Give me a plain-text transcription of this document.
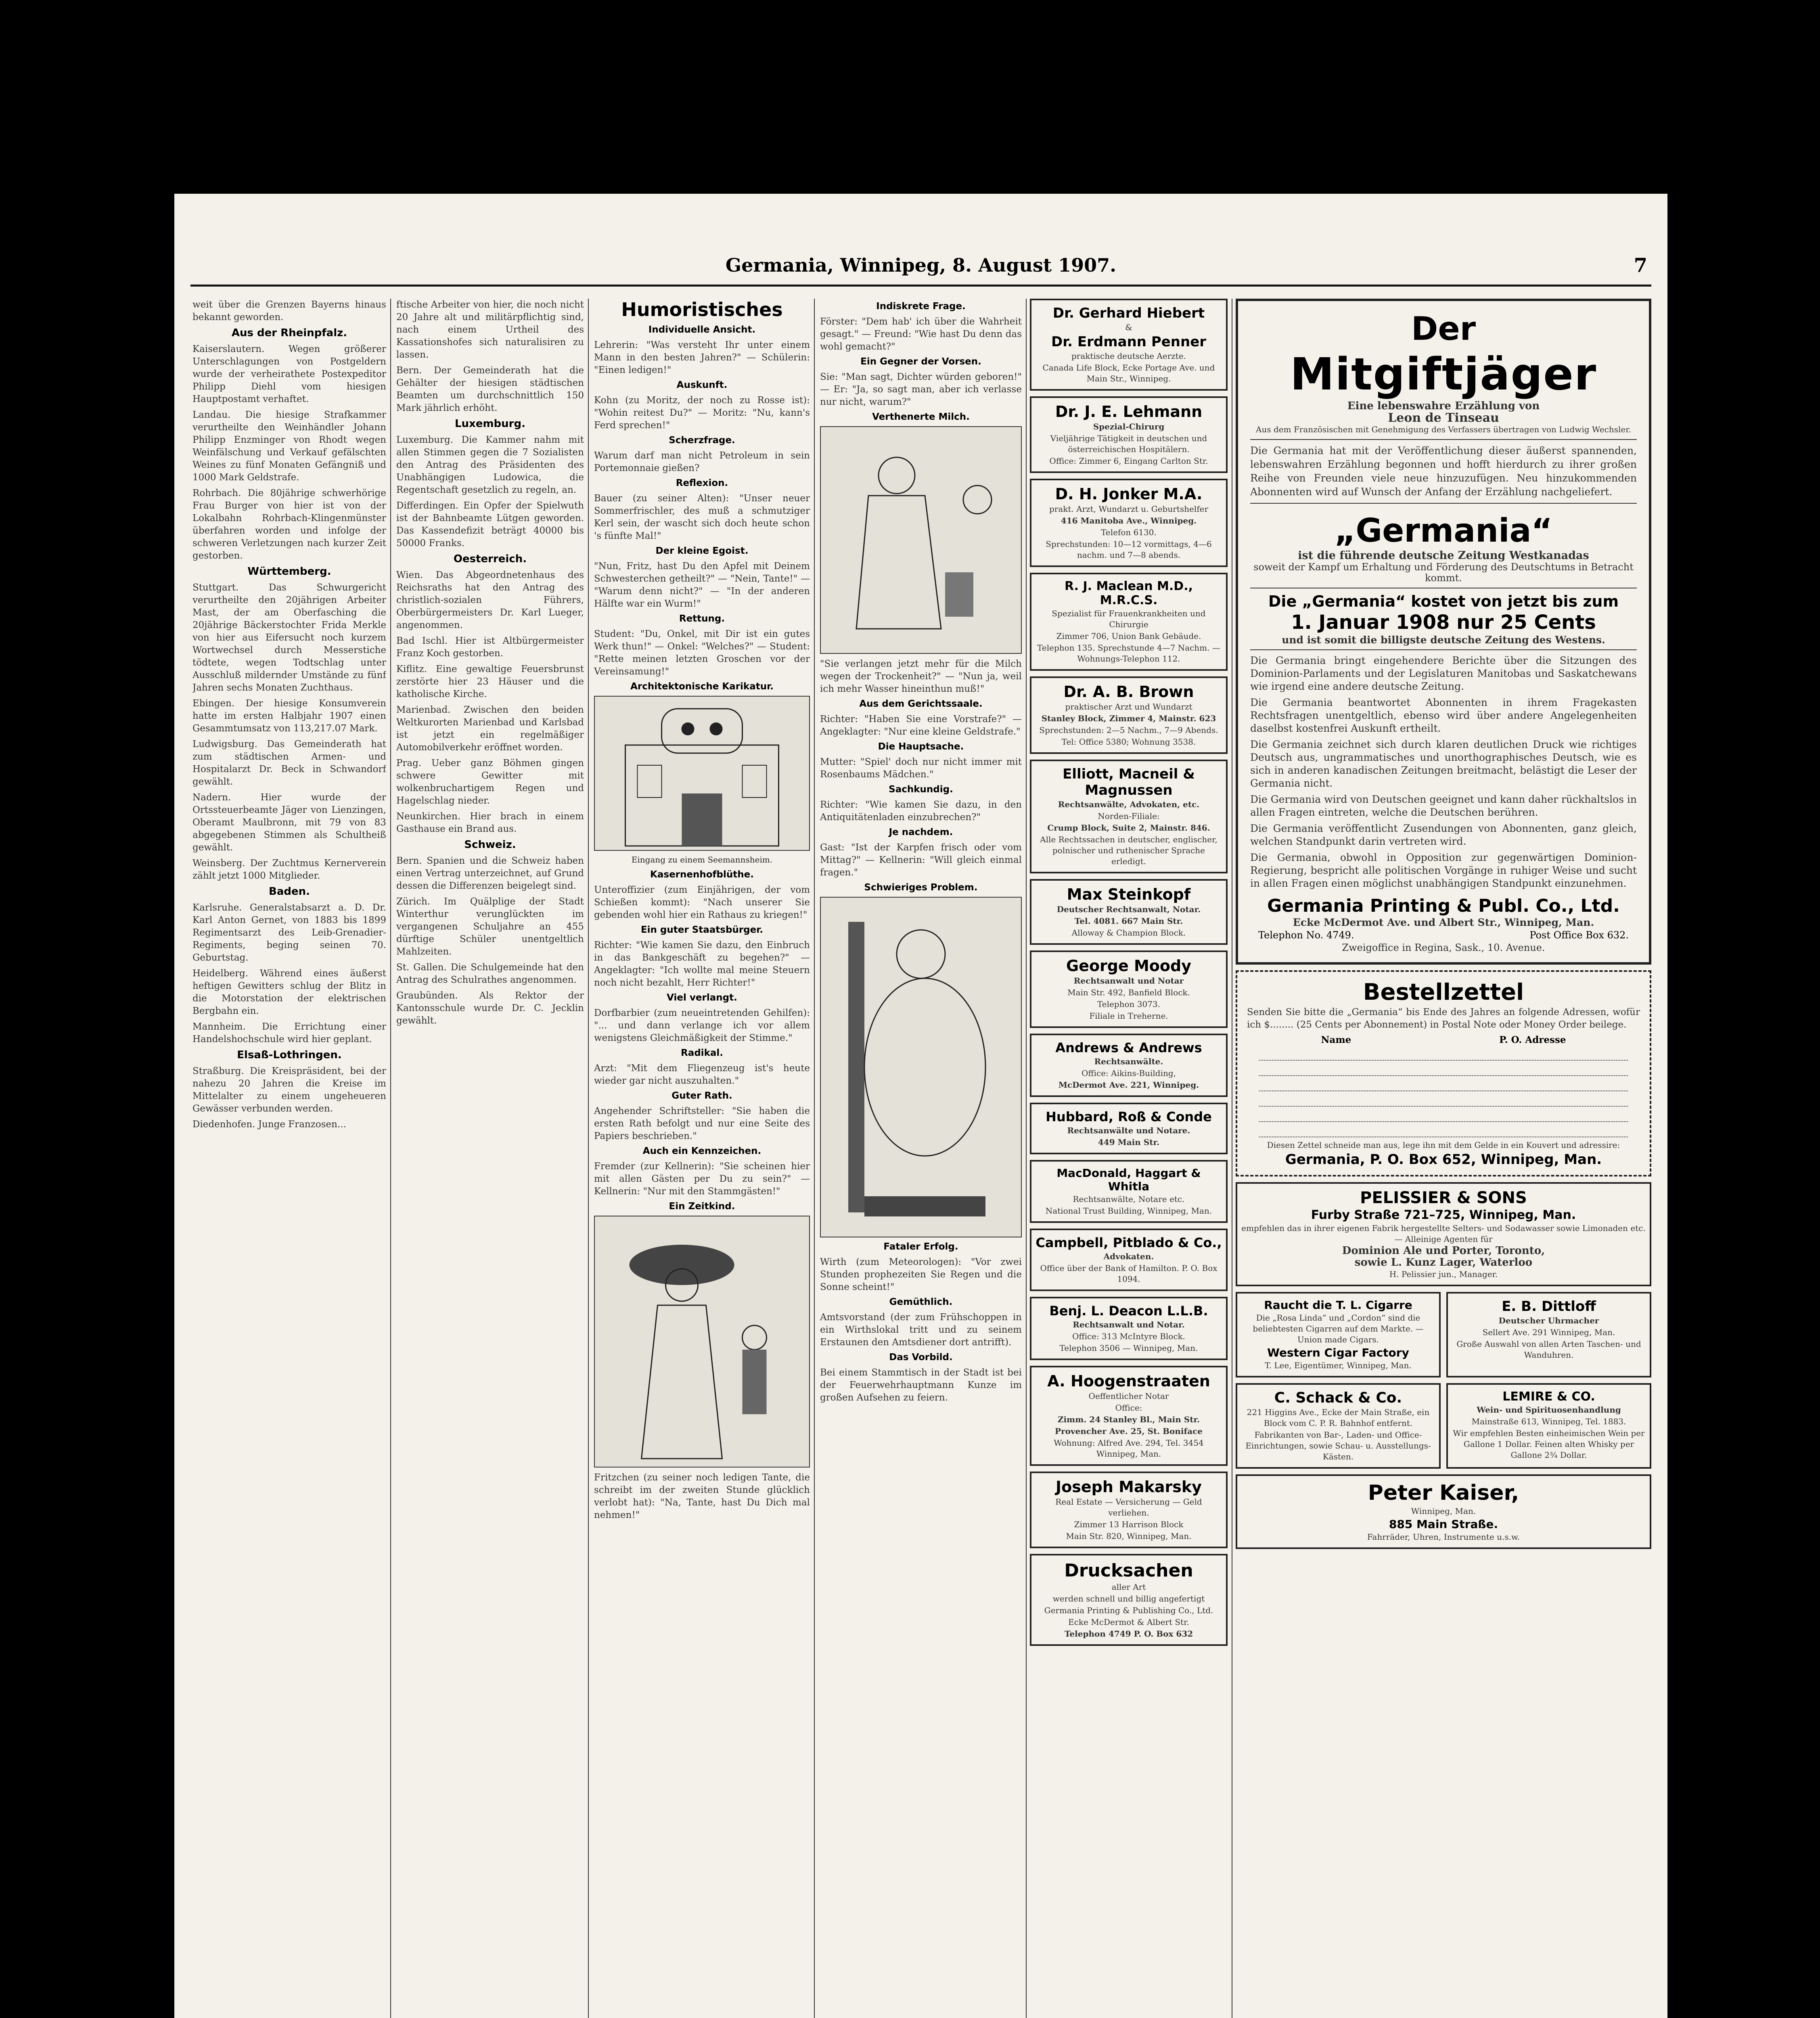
Germania, Winnipeg, 8. August 1907.	7

weit über die Grenzen Bayerns hinaus bekannt geworden.

Aus der Rheinpfalz.

Kaiserslautern. Wegen größerer Unterschlagungen von Postgeldern wurde der verheirathete Postexpeditor Philipp Diehl vom hiesigen Hauptpostamt verhaftet.

Landau. Die hiesige Strafkammer verurtheilte den Weinhändler Johann Philipp Enzminger von Rhodt wegen Weinfälschung und Verkauf gefälschten Weines zu fünf Monaten Gefängniß und 1000 Mark Geldstrafe.

Rohrbach. Die 80jährige schwerhörige Frau Burger von hier ist von der Lokalbahn Rohrbach-Klingenmünster überfahren worden und infolge der schweren Verletzungen nach kurzer Zeit gestorben.

Württemberg.

Stuttgart. Das Schwurgericht verurtheilte den 20jährigen Arbeiter Mast, der am Oberfasching die 20jährige Bäckerstochter Frida Merkle von hier aus Eifersucht noch kurzem Wortwechsel durch Messerstiche tödtete, wegen Todtschlag unter Ausschluß mildernder Umstände zu fünf Jahren sechs Monaten Zuchthaus.

Ebingen. Der hiesige Konsumverein hatte im ersten Halbjahr 1907 einen Gesammtumsatz von 113,217.07 Mark.

Ludwigsburg. Das Gemeinderath hat zum städtischen Armen- und Hospitalarzt Dr. Beck in Schwandorf gewählt.

Nadern. Hier wurde der Ortssteuerbeamte Jäger von Lienzingen, Oberamt Maulbronn, mit 79 von 83 abgegebenen Stimmen als Schultheiß gewählt.

Weinsberg. Der Zuchtmus Kernerverein zählt jetzt 1000 Mitglieder.

Baden.

Karlsruhe. Generalstabsarzt a. D. Dr. Karl Anton Gernet, von 1883 bis 1899 Regimentsarzt des Leib-Grenadier-Regiments, beging seinen 70. Geburtstag.

Heidelberg. Während eines äußerst heftigen Gewitters schlug der Blitz in die Motorstation der elektrischen Bergbahn ein.

Mannheim. Die Errichtung einer Handelshochschule wird hier geplant.

Elsaß-Lothringen.

Straßburg. Die Kreispräsident, bei der nahezu 20 Jahren die Kreise im Mittelalter zu einem ungeheueren Gewässer verbunden werden.

Diedenhofen. Junge Franzosen...

ftische Arbeiter von hier, die noch nicht 20 Jahre alt und militärpflichtig sind, nach einem Urtheil des Kassationshofes sich naturalisiren zu lassen.

Bern. Der Gemeinderath hat die Gehälter der hiesigen städtischen Beamten um durchschnittlich 150 Mark jährlich erhöht.

Luxemburg.

Luxemburg. Die Kammer nahm mit allen Stimmen gegen die 7 Sozialisten den Antrag des Präsidenten des Unabhängigen Ludowica, die Regentschaft gesetzlich zu regeln, an.

Differdingen. Ein Opfer der Spielwuth ist der Bahnbeamte Lütgen geworden. Das Kassendefizit beträgt 40000 bis 50000 Franks.

Oesterreich.

Wien. Das Abgeordnetenhaus des Reichsraths hat den Antrag des christlich-sozialen Führers, Oberbürgermeisters Dr. Karl Lueger, angenommen.

Bad Ischl. Hier ist Altbürgermeister Franz Koch gestorben.

Kiflitz. Eine gewaltige Feuersbrunst zerstörte hier 23 Häuser und die katholische Kirche.

Marienbad. Zwischen den beiden Weltkurorten Marienbad und Karlsbad ist jetzt ein regelmäßiger Automobilverkehr eröffnet worden.

Prag. Ueber ganz Böhmen gingen schwere Gewitter mit wolkenbruchartigem Regen und Hagelschlag nieder.

Neunkirchen. Hier brach in einem Gasthause ein Brand aus.

Schweiz.

Bern. Spanien und die Schweiz haben einen Vertrag unterzeichnet, auf Grund dessen die Differenzen beigelegt sind.

Zürich. Im Quälplige der Stadt Winterthur verunglückten im vergangenen Schuljahre an 455 dürftige Schüler unentgeltlich Mahlzeiten.

St. Gallen. Die Schulgemeinde hat den Antrag des Schulrathes angenommen.

Graubünden. Als Rektor der Kantonsschule wurde Dr. C. Jecklin gewählt.

Humoristisches
Individuelle Ansicht.

Lehrerin: "Was versteht Ihr unter einem Mann in den besten Jahren?" — Schülerin: "Einen ledigen!"

Auskunft.

Kohn (zu Moritz, der noch zu Rosse ist): "Wohin reitest Du?" — Moritz: "Nu, kann's Ferd sprechen!"

Scherzfrage.

Warum darf man nicht Petroleum in sein Portemonnaie gießen?

Reflexion.

Bauer (zu seiner Alten): "Unser neuer Sommerfrischler, des muß a schmutziger Kerl sein, der wascht sich doch heute schon 's fünfte Mal!"

Der kleine Egoist.

"Nun, Fritz, hast Du den Apfel mit Deinem Schwesterchen getheilt?" — "Nein, Tante!" — "Warum denn nicht?" — "In der anderen Hälfte war ein Wurm!"

Rettung.

Student: "Du, Onkel, mit Dir ist ein gutes Werk thun!" — Onkel: "Welches?" — Student: "Rette meinen letzten Groschen vor der Vereinsamung!"

Architektonische Karikatur.
Eingang zu einem Seemannsheim.
Kasernenhofblüthe.

Unteroffizier (zum Einjährigen, der vom Schießen kommt): "Nach unserer Sie gebenden wohl hier ein Rathaus zu kriegen!"

Ein guter Staatsbürger.

Richter: "Wie kamen Sie dazu, den Einbruch in das Bankgeschäft zu begehen?" — Angeklagter: "Ich wollte mal meine Steuern noch nicht bezahlt, Herr Richter!"

Viel verlangt.

Dorfbarbier (zum neueintretenden Gehilfen): "... und dann verlange ich vor allem wenigstens Gleichmäßigkeit der Stimme."

Radikal.

Arzt: "Mit dem Fliegenzeug ist's heute wieder gar nicht auszuhalten."

Guter Rath.

Angehender Schriftsteller: "Sie haben die ersten Rath befolgt und nur eine Seite des Papiers beschrieben."

Auch ein Kennzeichen.

Fremder (zur Kellnerin): "Sie scheinen hier mit allen Gästen per Du zu sein?" — Kellnerin: "Nur mit den Stammgästen!"

Ein Zeitkind.

Fritzchen (zu seiner noch ledigen Tante, die schreibt im der zweiten Stunde glücklich verlobt hat): "Na, Tante, hast Du Dich mal nehmen!"

Indiskrete Frage.

Förster: "Dem hab' ich über die Wahrheit gesagt." — Freund: "Wie hast Du denn das wohl gemacht?"

Ein Gegner der Vorsen.

Sie: "Man sagt, Dichter würden geboren!" — Er: "Ja, so sagt man, aber ich verlasse nur nicht, warum?"

Verthenerte Milch.

"Sie verlangen jetzt mehr für die Milch wegen der Trockenheit?" — "Nun ja, weil ich mehr Wasser hineinthun muß!"

Aus dem Gerichtssaale.

Richter: "Haben Sie eine Vorstrafe?" — Angeklagter: "Nur eine kleine Geldstrafe."

Die Hauptsache.

Mutter: "Spiel' doch nur nicht immer mit Rosenbaums Mädchen."

Sachkundig.

Richter: "Wie kamen Sie dazu, in den Antiquitätenladen einzubrechen?"

Je nachdem.

Gast: "Ist der Karpfen frisch oder vom Mittag?" — Kellnerin: "Will gleich einmal fragen."

Schwieriges Problem.
Fataler Erfolg.

Wirth (zum Meteorologen): "Vor zwei Stunden prophezeiten Sie Regen und die Sonne scheint!"

Gemüthlich.

Amtsvorstand (der zum Frühschoppen in ein Wirthslokal tritt und zu seinem Erstaunen den Amtsdiener dort antrifft).

Das Vorbild.

Bei einem Stammtisch in der Stadt ist bei der Feuerwehrhauptmann Kunze im großen Aufsehen zu feiern.

Dr. Gerhard Hiebert
&
Dr. Erdmann Penner
praktische deutsche Aerzte.
Canada Life Block, Ecke Portage Ave. und Main Str., Winnipeg.
Dr. J. E. Lehmann
Spezial-Chirurg
Vieljährige Tätigkeit in deutschen und österreichischen Hospitälern.
Office: Zimmer 6, Eingang Carlton Str.
D. H. Jonker M.A.
prakt. Arzt, Wundarzt u. Geburtshelfer
416 Manitoba Ave., Winnipeg.
Telefon 6130.
Sprechstunden: 10—12 vormittags, 4—6 nachm. und 7—8 abends.
R. J. Maclean M.D., M.R.C.S.
Spezialist für Frauenkrankheiten und Chirurgie
Zimmer 706, Union Bank Gebäude.
Telephon 135. Sprechstunde 4—7 Nachm. — Wohnungs-Telephon 112.
Dr. A. B. Brown
praktischer Arzt und Wundarzt
Stanley Block, Zimmer 4, Mainstr. 623
Sprechstunden: 2—5 Nachm., 7—9 Abends.
Tel: Office 5380; Wohnung 3538.
Elliott, Macneil & Magnussen
Rechtsanwälte, Advokaten, etc.
Norden-Filiale:
Crump Block, Suite 2, Mainstr. 846.
Alle Rechtssachen in deutscher, englischer, polnischer und ruthenischer Sprache erledigt.
Max Steinkopf
Deutscher Rechtsanwalt, Notar.
Tel. 4081. 667 Main Str.
Alloway & Champion Block.
George Moody
Rechtsanwalt und Notar
Main Str. 492, Banfield Block.
Telephon 3073.
Filiale in Treherne.
Andrews & Andrews
Rechtsanwälte.
Office: Aikins-Building,
McDermot Ave. 221, Winnipeg.
Hubbard, Roß & Conde
Rechtsanwälte und Notare.
449 Main Str.
MacDonald, Haggart & Whitla
Rechtsanwälte, Notare etc.
National Trust Building, Winnipeg, Man.
Campbell, Pitblado & Co.,
Advokaten.
Office über der Bank of Hamilton. P. O. Box 1094.
Benj. L. Deacon L.L.B.
Rechtsanwalt und Notar.
Office: 313 McIntyre Block.
Telephon 3506 — Winnipeg, Man.
A. Hoogenstraaten
Oeffentlicher Notar
Office:
Zimm. 24 Stanley Bl., Main Str.
Provencher Ave. 25, St. Boniface
Wohnung: Alfred Ave. 294, Tel. 3454 Winnipeg, Man.
Joseph Makarsky
Real Estate — Versicherung — Geld verliehen.
Zimmer 13 Harrison Block
Main Str. 820, Winnipeg, Man.
Drucksachen
aller Art
werden schnell und billig angefertigt
Germania Printing & Publishing Co., Ltd.
Ecke McDermot & Albert Str.
Telephon 4749 P. O. Box 632
Der
Mitgiftjäger
Eine lebenswahre Erzählung von
Leon de Tinseau
Aus dem Französischen mit Genehmigung des Verfassers übertragen von Ludwig Wechsler.

Die Germania hat mit der Veröffentlichung dieser äußerst spannenden, lebenswahren Erzählung begonnen und hofft hierdurch zu ihrer großen Reihe von Freunden viele neue hinzuzufügen. Neu hinzukommenden Abonnenten wird auf Wunsch der Anfang der Erzählung nachgeliefert.

„Germania“
ist die führende deutsche Zeitung Westkanadas
soweit der Kampf um Erhaltung und Förderung des Deutschtums in Betracht kommt.
Die „Germania“ kostet von jetzt bis zum
1. Januar 1908 nur 25 Cents
und ist somit die billigste deutsche Zeitung des Westens.

Die Germania bringt eingehendere Berichte über die Sitzungen des Dominion-Parlaments und der Legislaturen Manitobas und Saskatchewans wie irgend eine andere deutsche Zeitung.

Die Germania beantwortet Abonnenten in ihrem Fragekasten Rechtsfragen unentgeltlich, ebenso wird über andere Angelegenheiten daselbst kostenfrei Auskunft ertheilt.

Die Germania zeichnet sich durch klaren deutlichen Druck wie richtiges Deutsch aus, ungrammatisches und unorthographisches Deutsch, wie es sich in anderen kanadischen Zeitungen breitmacht, belästigt die Leser der Germania nicht.

Die Germania wird von Deutschen geeignet und kann daher rückhaltslos in allen Fragen eintreten, welche die Deutschen berühren.

Die Germania veröffentlicht Zusendungen von Abonnenten, ganz gleich, welchen Standpunkt darin vertreten wird.

Die Germania, obwohl in Opposition zur gegenwärtigen Dominion-Regierung, bespricht alle politischen Vorgänge in ruhiger Weise und sucht in allen Fragen einen möglichst unabhängigen Standpunkt einzunehmen.

Germania Printing & Publ. Co., Ltd.
Ecke McDermot Ave. und Albert Str., Winnipeg, Man.
Telephon No. 4749.	Post Office Box 632.
Zweigoffice in Regina, Sask., 10. Avenue.
Bestellzettel

Senden Sie bitte die „Germania“ bis Ende des Jahres an folgende Adressen, wofür ich $........ (25 Cents per Abonnement) in Postal Note oder Money Order beilege.

Name	P. O. Adresse
Diesen Zettel schneide man aus, lege ihn mit dem Gelde in ein Kouvert und adressire:
Germania, P. O. Box 652, Winnipeg, Man.
PELISSIER & SONS
Furby Straße 721–725, Winnipeg, Man.
empfehlen das in ihrer eigenen Fabrik hergestellte Selters- und Sodawasser sowie Limonaden etc. — Alleinige Agenten für
Dominion Ale und Porter, Toronto,
sowie L. Kunz Lager, Waterloo
H. Pelissier jun., Manager.
Raucht die T. L. Cigarre
Die „Rosa Linda“ und „Cordon“ sind die beliebtesten Cigarren auf dem Markte. — Union made Cigars.
Western Cigar Factory
T. Lee, Eigentümer, Winnipeg, Man.
E. B. Dittloff
Deutscher Uhrmacher
Sellert Ave. 291 Winnipeg, Man.
Große Auswahl von allen Arten Taschen- und Wanduhren.
C. Schack & Co.
221 Higgins Ave., Ecke der Main Straße, ein Block vom C. P. R. Bahnhof entfernt.
Fabrikanten von Bar-, Laden- und Office-Einrichtungen, sowie Schau- u. Ausstellungs-Kästen.
LEMIRE & CO.
Wein- und Spirituosenhandlung
Mainstraße 613, Winnipeg, Tel. 1883.
Wir empfehlen Besten einheimischen Wein per Gallone 1 Dollar. Feinen alten Whisky per Gallone 2¾ Dollar.
Peter Kaiser,
Winnipeg, Man.
885 Main Straße.
Fahrräder, Uhren, Instrumente u.s.w.
